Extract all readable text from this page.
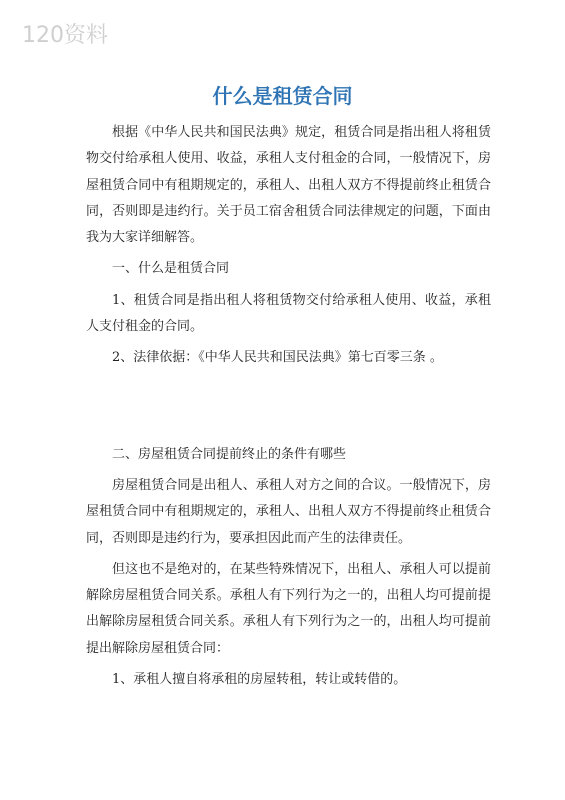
120资料
什么是租赁合同

根据《中华人民共和国民法典》规定，租赁合同是指出租人将租赁物交付给承租人使用、收益，承租人支付租金的合同，一般情况下，房屋租赁合同中有租期规定的，承租人、出租人双方不得提前终止租赁合同，否则即是违约行。关于员工宿舍租赁合同法律规定的问题，下面由我为大家详细解答。

一、什么是租赁合同

1、租赁合同是指出租人将租赁物交付给承租人使用、收益，承租人支付租金的合同。

2、法律依据：《中华人民共和国民法典》第七百零三条 。

二、房屋租赁合同提前终止的条件有哪些

房屋租赁合同是出租人、承租人对方之间的合议。一般情况下，房屋租赁合同中有租期规定的，承租人、出租人双方不得提前终止租赁合同，否则即是违约行为，要承担因此而产生的法律责任。

但这也不是绝对的，在某些特殊情况下，出租人、承租人可以提前解除房屋租赁合同关系。承租人有下列行为之一的，出租人均可提前提出解除房屋租赁合同关系。承租人有下列行为之一的，出租人均可提前提出解除房屋租赁合同：

1、承租人擅自将承租的房屋转租，转让或转借的。
